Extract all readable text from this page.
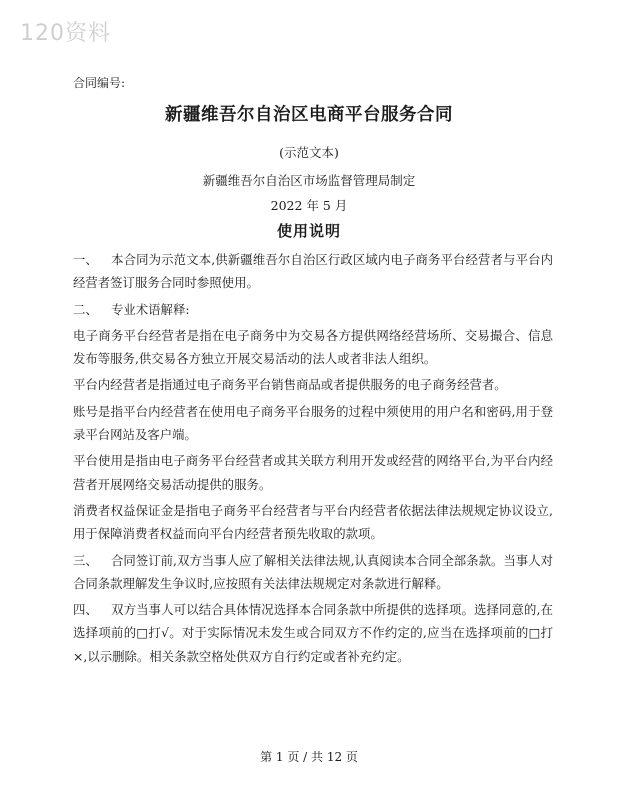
120资料
合同编号:
新疆维吾尔自治区电商平台服务合同
(示范文本)
新疆维吾尔自治区市场监督管理局制定
2022 年 5 月
使用说明

一、 本合同为示范文本,供新疆维吾尔自治区行政区域内电子商务平台经营者与平台内经营者签订服务合同时参照使用。

二、 专业术语解释:

电子商务平台经营者是指在电子商务中为交易各方提供网络经营场所、交易撮合、信息发布等服务,供交易各方独立开展交易活动的法人或者非法人组织。

平台内经营者是指通过电子商务平台销售商品或者提供服务的电子商务经营者。

账号是指平台内经营者在使用电子商务平台服务的过程中须使用的用户名和密码,用于登录平台网站及客户端。

平台使用是指由电子商务平台经营者或其关联方利用开发或经营的网络平台,为平台内经营者开展网络交易活动提供的服务。

消费者权益保证金是指电子商务平台经营者与平台内经营者依据法律法规规定协议设立,用于保障消费者权益而向平台内经营者预先收取的款项。

三、 合同签订前,双方当事人应了解相关法律法规,认真阅读本合同全部条款。当事人对合同条款理解发生争议时,应按照有关法律法规规定对条款进行解释。

四、 双方当事人可以结合具体情况选择本合同条款中所提供的选择项。选择同意的,在选择项前的□打√。对于实际情况未发生或合同双方不作约定的,应当在选择项前的□打×,以示删除。相关条款空格处供双方自行约定或者补充约定。

第 1 页 / 共 12 页
